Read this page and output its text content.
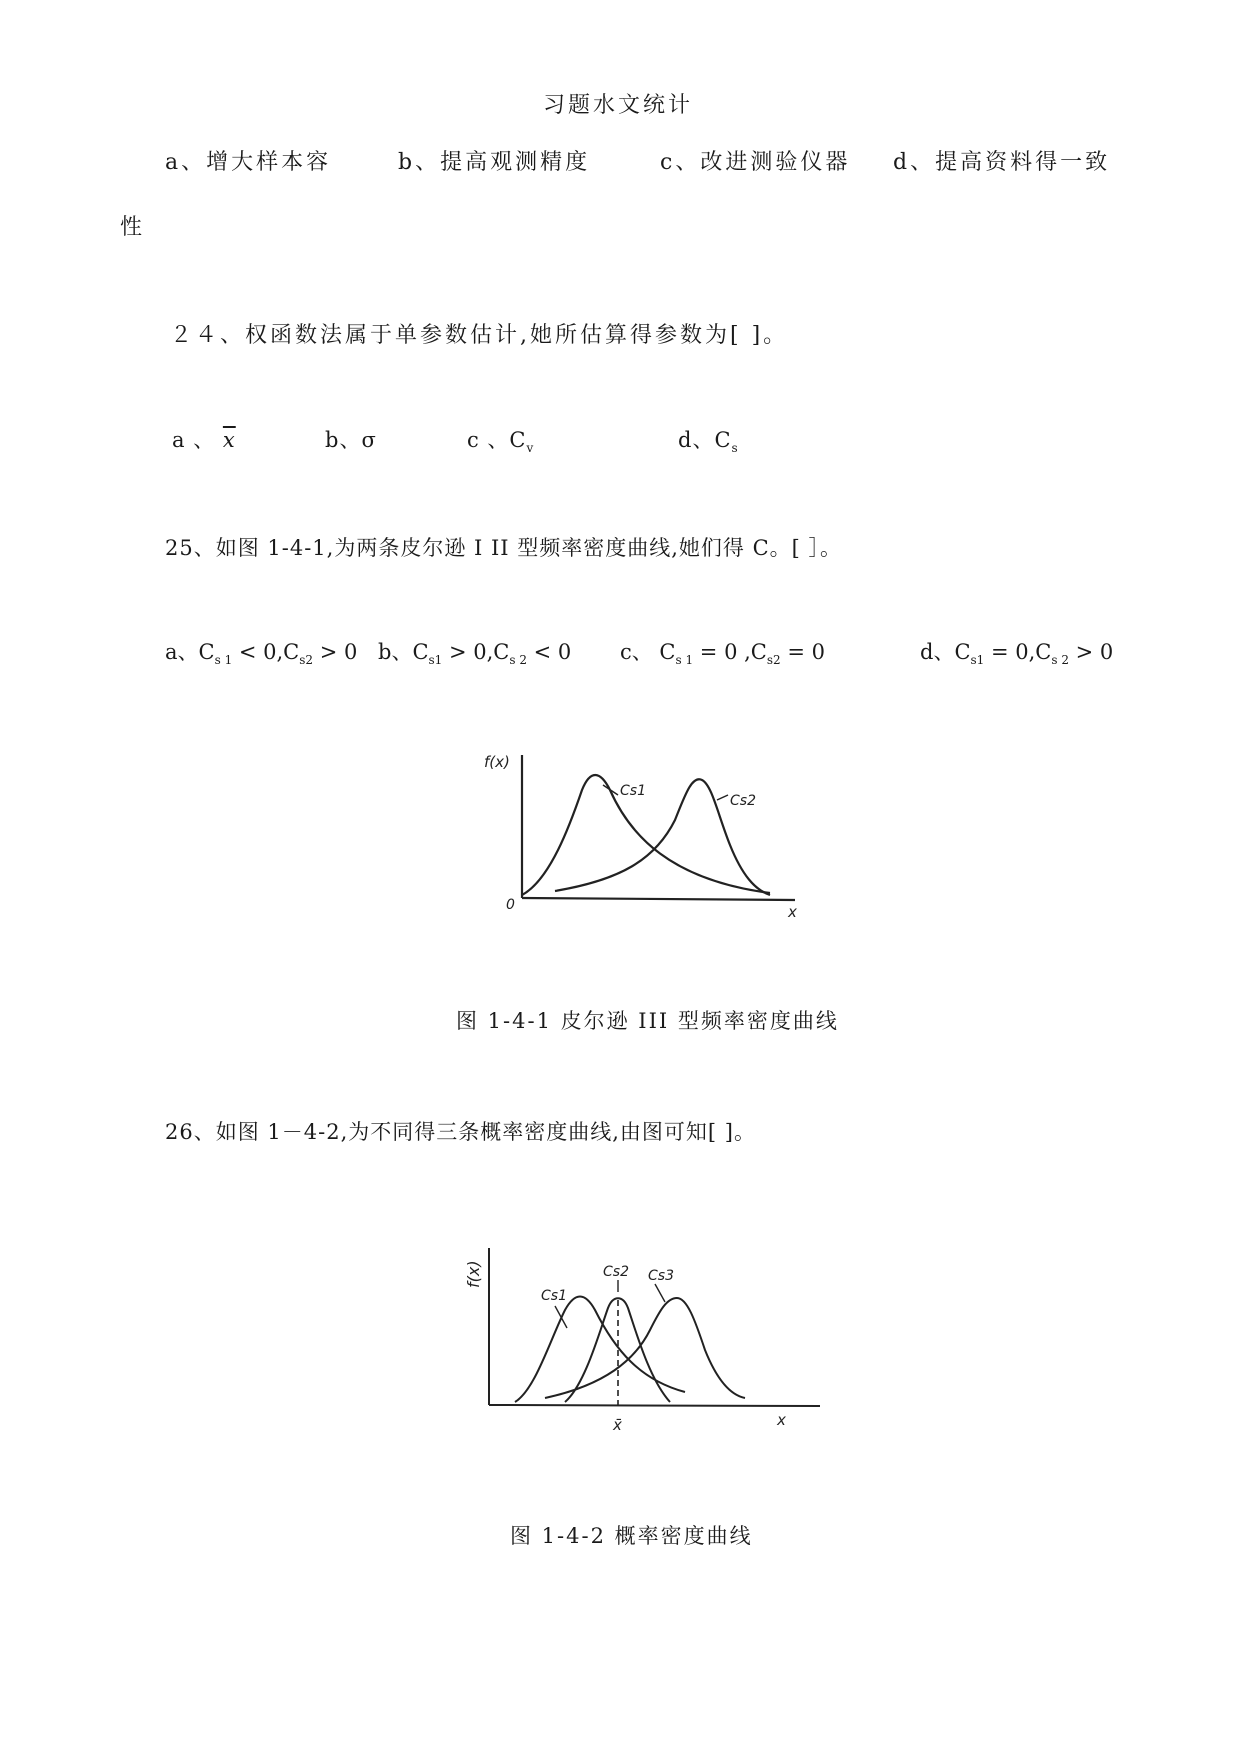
习题水文统计
a、增大样本容	b、提高观测精度	c、改进测验仪器 d、提高资料得一致
性
２４、权函数法属于单参数估计,她所估算得参数为[ ]。
a 、 $\overline{x}$	b、σ	c 、$C_v$	d、$C_s$
25、如图 1-4-1,为两条皮尔逊 I II 型频率密度曲线,她们得 C。[ ］。
a、$C_{s 1} < 0,C_{s2} > 0$ b、$C_{s1} > 0,C_{s 2} < 0$ c、 $C_{s 1} = 0$ $,C_{s2} = 0$	d、$C_{s1} = 0,C_{s 2} > 0$
f(x)
0	x
Cs1
Cs2
图 1-4-1 皮尔逊 III 型频率密度曲线
26、如图 1－4-2,为不同得三条概率密度曲线,由图可知[ ]。
f(x)
x
x̄
Cs1
Cs2 Cs3
图 1-4-2 概率密度曲线
